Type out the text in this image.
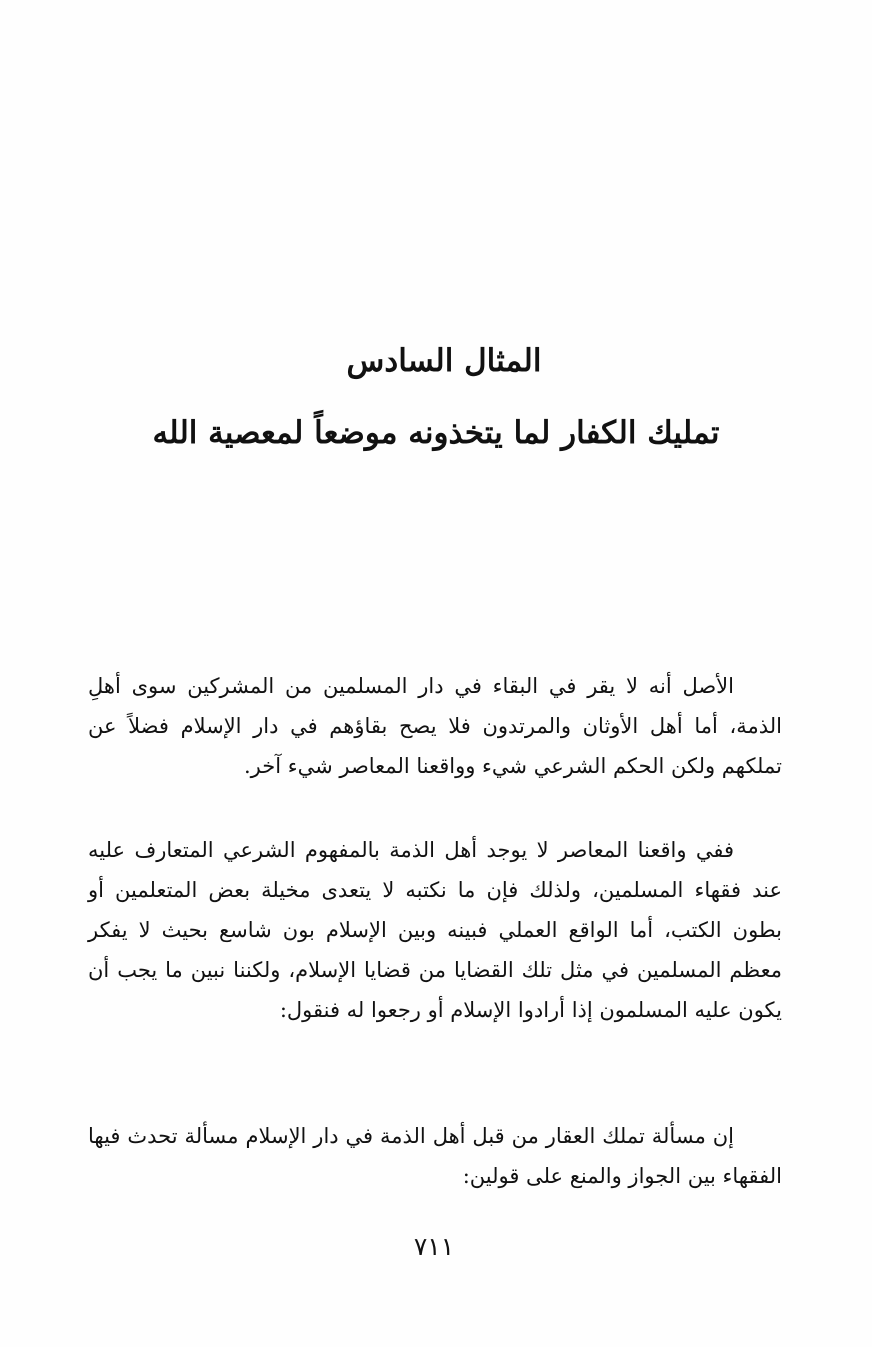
المثال السادس
تمليك الكفار لما يتخذونه موضعاً لمعصية الله

الأصل أنه لا يقر في البقاء في دار المسلمين من المشركين سوى أهلِ الذمة، أما أهل الأوثان والمرتدون فلا يصح بقاؤهم في دار الإسلام فضلاً عن تملكهم ولكن الحكم الشرعي شيء وواقعنا المعاصر شيء آخر.

ففي واقعنا المعاصر لا يوجد أهل الذمة بالمفهوم الشرعي المتعارف عليه عند فقهاء المسلمين، ولذلك فإن ما نكتبه لا يتعدى مخيلة بعض المتعلمين أو بطون الكتب، أما الواقع العملي فبينه وبين الإسلام بون شاسع بحيث لا يفكر معظم المسلمين في مثل تلك القضايا من قضايا الإسلام، ولكننا نبين ما يجب أن يكون عليه المسلمون إذا أرادوا الإسلام أو رجعوا له فنقول:

إن مسألة تملك العقار من قبل أهل الذمة في دار الإسلام مسألة تحدث فيها الفقهاء بين الجواز والمنع على قولين:

٧١١
